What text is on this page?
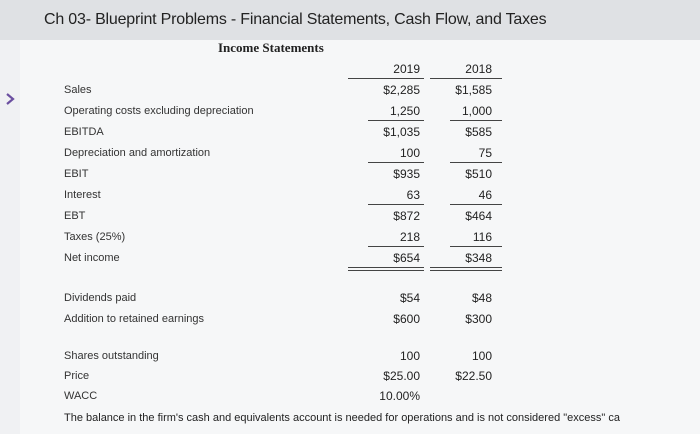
Ch 03- Blueprint Problems - Financial Statements, Cash Flow, and Taxes
Income Statements
2019	2018
Sales	$2,285	$1,585
Operating costs excluding depreciation	1,250	1,000
EBITDA	$1,035	$585
Depreciation and amortization	100	75
EBIT	$935	$510
Interest	63	46
EBT	$872	$464
Taxes (25%)	218	116
Net income	$654	$348
Dividends paid	$54	$48
Addition to retained earnings	$600	$300
Shares outstanding	100	100
Price	$25.00	$22.50
WACC	10.00%
The balance in the firm's cash and equivalents account is needed for operations and is not considered "excess" ca
